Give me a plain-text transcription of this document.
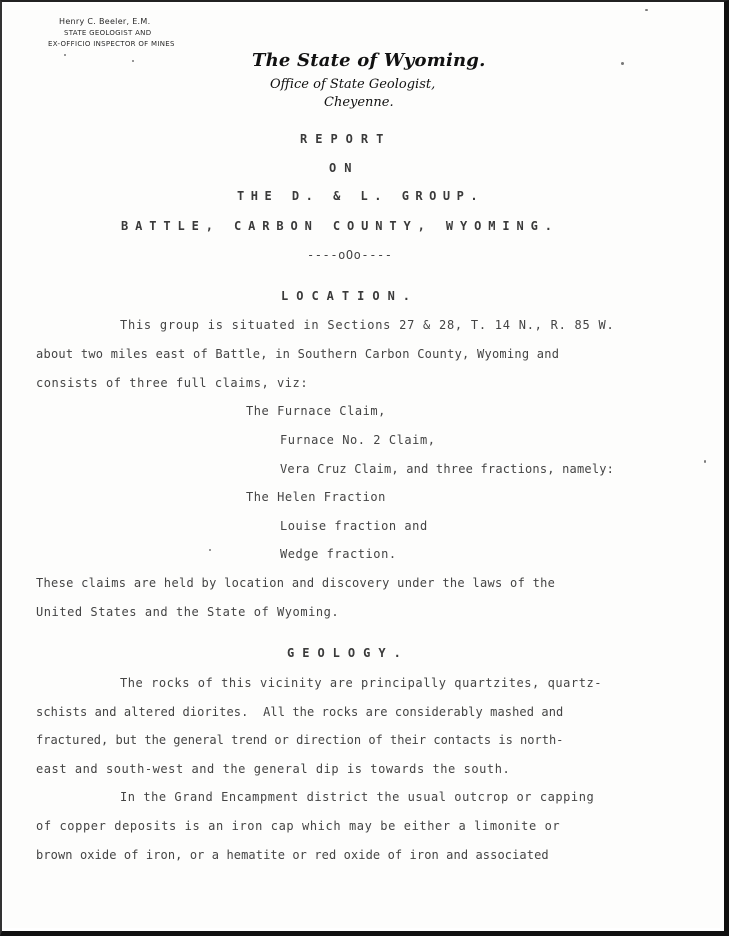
Henry C. Beeler, E.M.
STATE GEOLOGIST AND
EX-OFFICIO INSPECTOR OF MINES
The State of Wyoming.
Office of State Geologist,
Cheyenne.
REPORT
ON
THE D. & L. GROUP.
BATTLE, CARBON COUNTY, WYOMING.
----oOo----
LOCATION.
This group is situated in Sections 27 & 28, T. 14 N., R. 85 W.
about two miles east of Battle, in Southern Carbon County, Wyoming and
consists of three full claims, viz:
The Furnace Claim,
Furnace No. 2 Claim,
Vera Cruz Claim, and three fractions, namely:
The Helen Fraction
Louise fraction and
Wedge fraction.
These claims are held by location and discovery under the laws of the
United States and the State of Wyoming.
GEOLOGY.
The rocks of this vicinity are principally quartzites, quartz-
schists and altered diorites.  All the rocks are considerably mashed and
fractured, but the general trend or direction of their contacts is north-
east and south-west and the general dip is towards the south.
In the Grand Encampment district the usual outcrop or capping
of copper deposits is an iron cap which may be either a limonite or
brown oxide of iron, or a hematite or red oxide of iron and associated
